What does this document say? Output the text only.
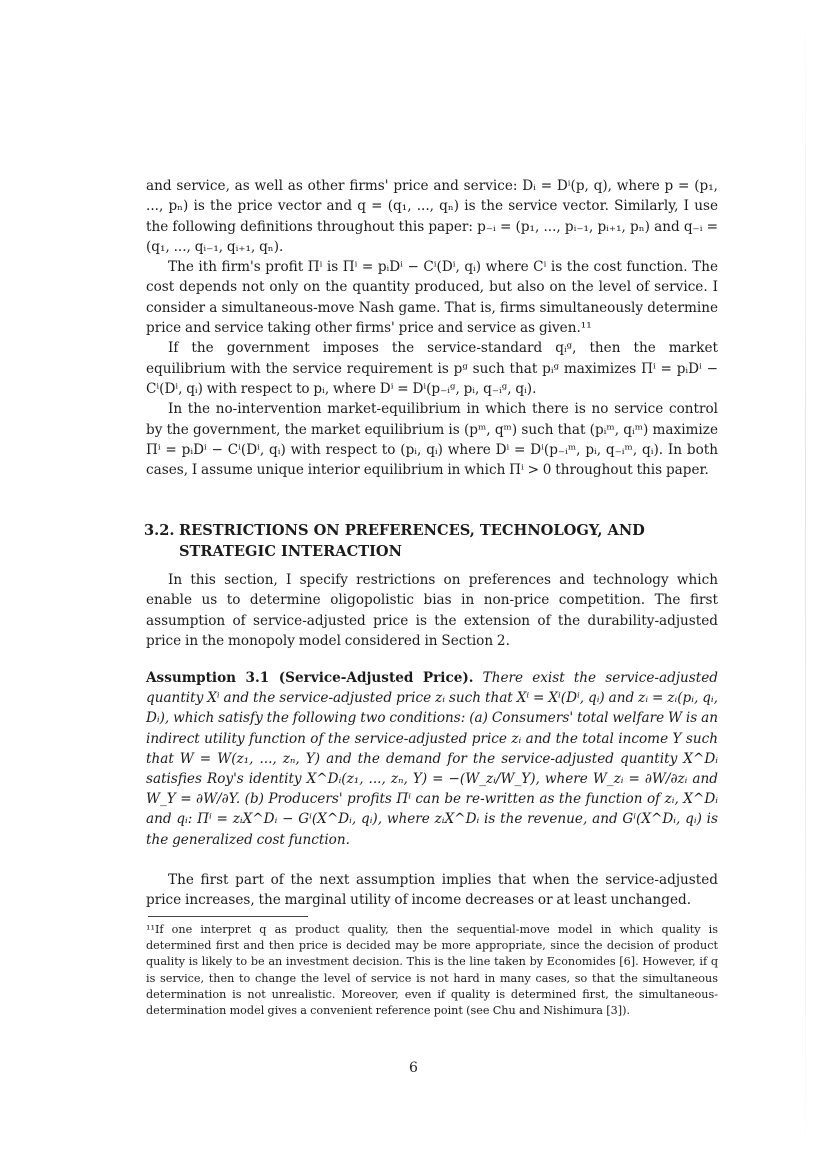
and service, as well as other firms' price and service: Dᵢ = Dⁱ(p, q), where p = (p₁, ..., pₙ) is the price vector and q = (q₁, ..., qₙ) is the service vector. Similarly, I use the following definitions throughout this paper: p₋ᵢ = (p₁, ..., pᵢ₋₁, pᵢ₊₁, pₙ) and q₋ᵢ = (q₁, ..., qᵢ₋₁, qᵢ₊₁, qₙ).

The ith firm's profit Πⁱ is Πⁱ = pᵢDⁱ − Cⁱ(Dⁱ, qᵢ) where Cⁱ is the cost function. The cost depends not only on the quantity produced, but also on the level of service. I consider a simultaneous-move Nash game. That is, firms simultaneously determine price and service taking other firms' price and service as given.¹¹

If the government imposes the service-standard qᵢᵍ, then the market equilibrium with the service requirement is pᵍ such that pᵢᵍ maximizes Πⁱ = pᵢDⁱ − Cⁱ(Dⁱ, qᵢ) with respect to pᵢ, where Dⁱ = Dⁱ(p₋ᵢᵍ, pᵢ, q₋ᵢᵍ, qᵢ).

In the no-intervention market-equilibrium in which there is no service control by the government, the market equilibrium is (pᵐ, qᵐ) such that (pᵢᵐ, qᵢᵐ) maximize Πⁱ = pᵢDⁱ − Cⁱ(Dⁱ, qᵢ) with respect to (pᵢ, qᵢ) where Dⁱ = Dⁱ(p₋ᵢᵐ, pᵢ, q₋ᵢᵐ, qᵢ). In both cases, I assume unique interior equilibrium in which Πⁱ > 0 throughout this paper.

3.2. RESTRICTIONS ON PREFERENCES, TECHNOLOGY, AND
STRATEGIC INTERACTION

In this section, I specify restrictions on preferences and technology which enable us to determine oligopolistic bias in non-price competition. The first assumption of service-adjusted price is the extension of the durability-adjusted price in the monopoly model considered in Section 2.

Assumption 3.1 (Service-Adjusted Price). There exist the service-adjusted quantity Xⁱ and the service-adjusted price zᵢ such that Xⁱ = Xⁱ(Dⁱ, qᵢ) and zᵢ = zᵢ(pᵢ, qᵢ, Dᵢ), which satisfy the following two conditions: (a) Consumers' total welfare W is an indirect utility function of the service-adjusted price zᵢ and the total income Y such that W = W(z₁, ..., zₙ, Y) and the demand for the service-adjusted quantity X^Dᵢ satisfies Roy's identity X^Dᵢ(z₁, ..., zₙ, Y) = −(W_zᵢ/W_Y), where W_zᵢ = ∂W/∂zᵢ and W_Y = ∂W/∂Y. (b) Producers' profits Πⁱ can be re-written as the function of zᵢ, X^Dᵢ and qᵢ: Πⁱ = zᵢX^Dᵢ − Gⁱ(X^Dᵢ, qᵢ), where zᵢX^Dᵢ is the revenue, and Gⁱ(X^Dᵢ, qᵢ) is the generalized cost function.

The first part of the next assumption implies that when the service-adjusted price increases, the marginal utility of income decreases or at least unchanged.

¹¹If one interpret q as product quality, then the sequential-move model in which quality is determined first and then price is decided may be more appropriate, since the decision of product quality is likely to be an investment decision. This is the line taken by Economides [6]. However, if q is service, then to change the level of service is not hard in many cases, so that the simultaneous determination is not unrealistic. Moreover, even if quality is determined first, the simultaneous-determination model gives a convenient reference point (see Chu and Nishimura [3]).

6
